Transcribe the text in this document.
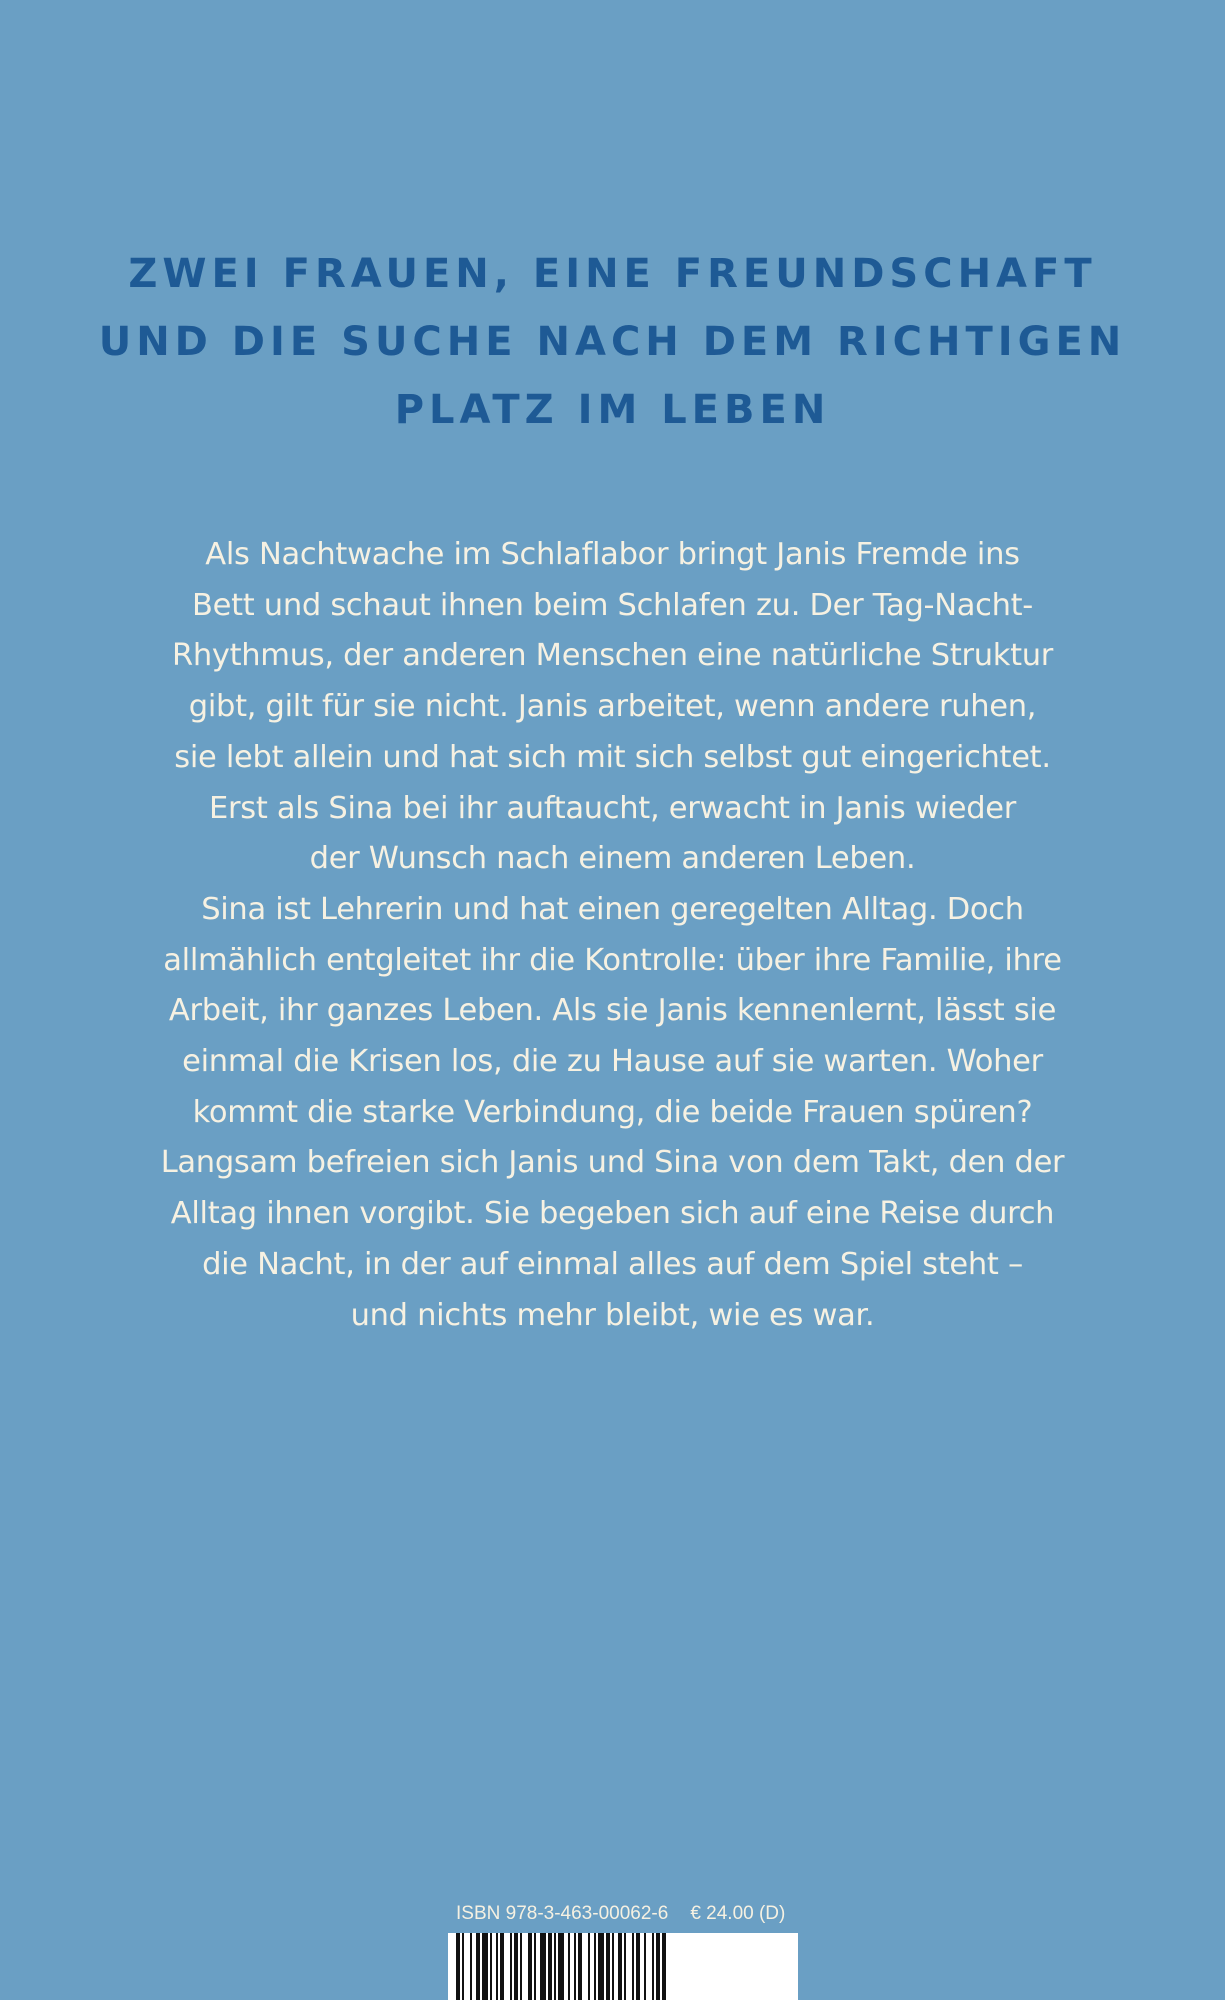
ZWEI FRAUEN, EINE FREUNDSCHAFT
UND DIE SUCHE NACH DEM RICHTIGEN
PLATZ IM LEBEN
Als Nachtwache im Schlaflabor bringt Janis Fremde ins
Bett und schaut ihnen beim Schlafen zu. Der Tag-Nacht-
Rhythmus, der anderen Menschen eine natürliche Struktur
gibt, gilt für sie nicht. Janis arbeitet, wenn andere ruhen,
sie lebt allein und hat sich mit sich selbst gut eingerichtet.
Erst als Sina bei ihr auftaucht, erwacht in Janis wieder
der Wunsch nach einem anderen Leben.
Sina ist Lehrerin und hat einen geregelten Alltag. Doch
allmählich entgleitet ihr die Kontrolle: über ihre Familie, ihre
Arbeit, ihr ganzes Leben. Als sie Janis kennenlernt, lässt sie
einmal die Krisen los, die zu Hause auf sie warten. Woher
kommt die starke Verbindung, die beide Frauen spüren?
Langsam befreien sich Janis und Sina von dem Takt, den der
Alltag ihnen vorgibt. Sie begeben sich auf eine Reise durch
die Nacht, in der auf einmal alles auf dem Spiel steht –
und nichts mehr bleibt, wie es war.
ISBN 978-3-463-00062-6 € 24.00 (D)
